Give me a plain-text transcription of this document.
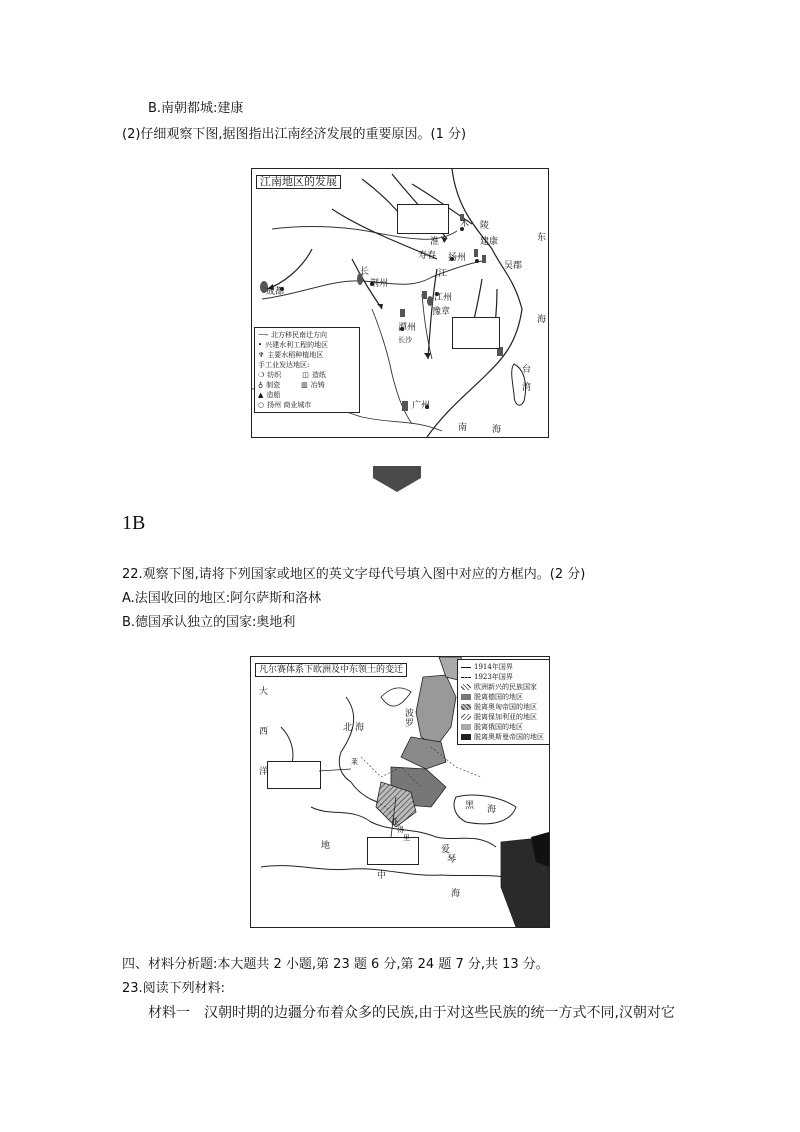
B.南朝都城:建康
(2)仔细观察下图,据图指出江南经济发展的重要原因。(1 分)
江南地区的发展
东
海
南	海
台
湾
成都
荆州
潭州
长沙
广州
江州
豫章
扬州
吴郡
建康
长	江
淮
寿春
木 陵
⟶ 北方移民南迁方向
• 兴建水利工程的地区
♆ 主要水稻种植地区
手工业发达地区:
❍ 纺织	◫ 造纸
♁ 制瓷	▥ 冶铸
▲ 造船
○ 扬州 商业城市
1B
22.观察下图,请将下列国家或地区的英文字母代号填入图中对应的方框内。(2 分)
A.法国收回的地区:阿尔萨斯和洛林
B.德国承认独立的国家:奥地利
凡尔赛体系下欧洲及中东领土的变迁
大
西
洋
北 海
波
罗
黑 海
地
中
海
亚
得
里
爱
琴
莱
1914年国界
1923年国界
欧洲新兴的民族国家
脱离德国的地区
脱离奥匈帝国的地区
脱离保加利亚的地区
脱离俄国的地区
脱离奥斯曼帝国的地区
四、材料分析题:本大题共 2 小题,第 23 题 6 分,第 24 题 7 分,共 13 分。
23.阅读下列材料:
材料一　汉朝时期的边疆分布着众多的民族,由于对这些民族的统一方式不同,汉朝对它
